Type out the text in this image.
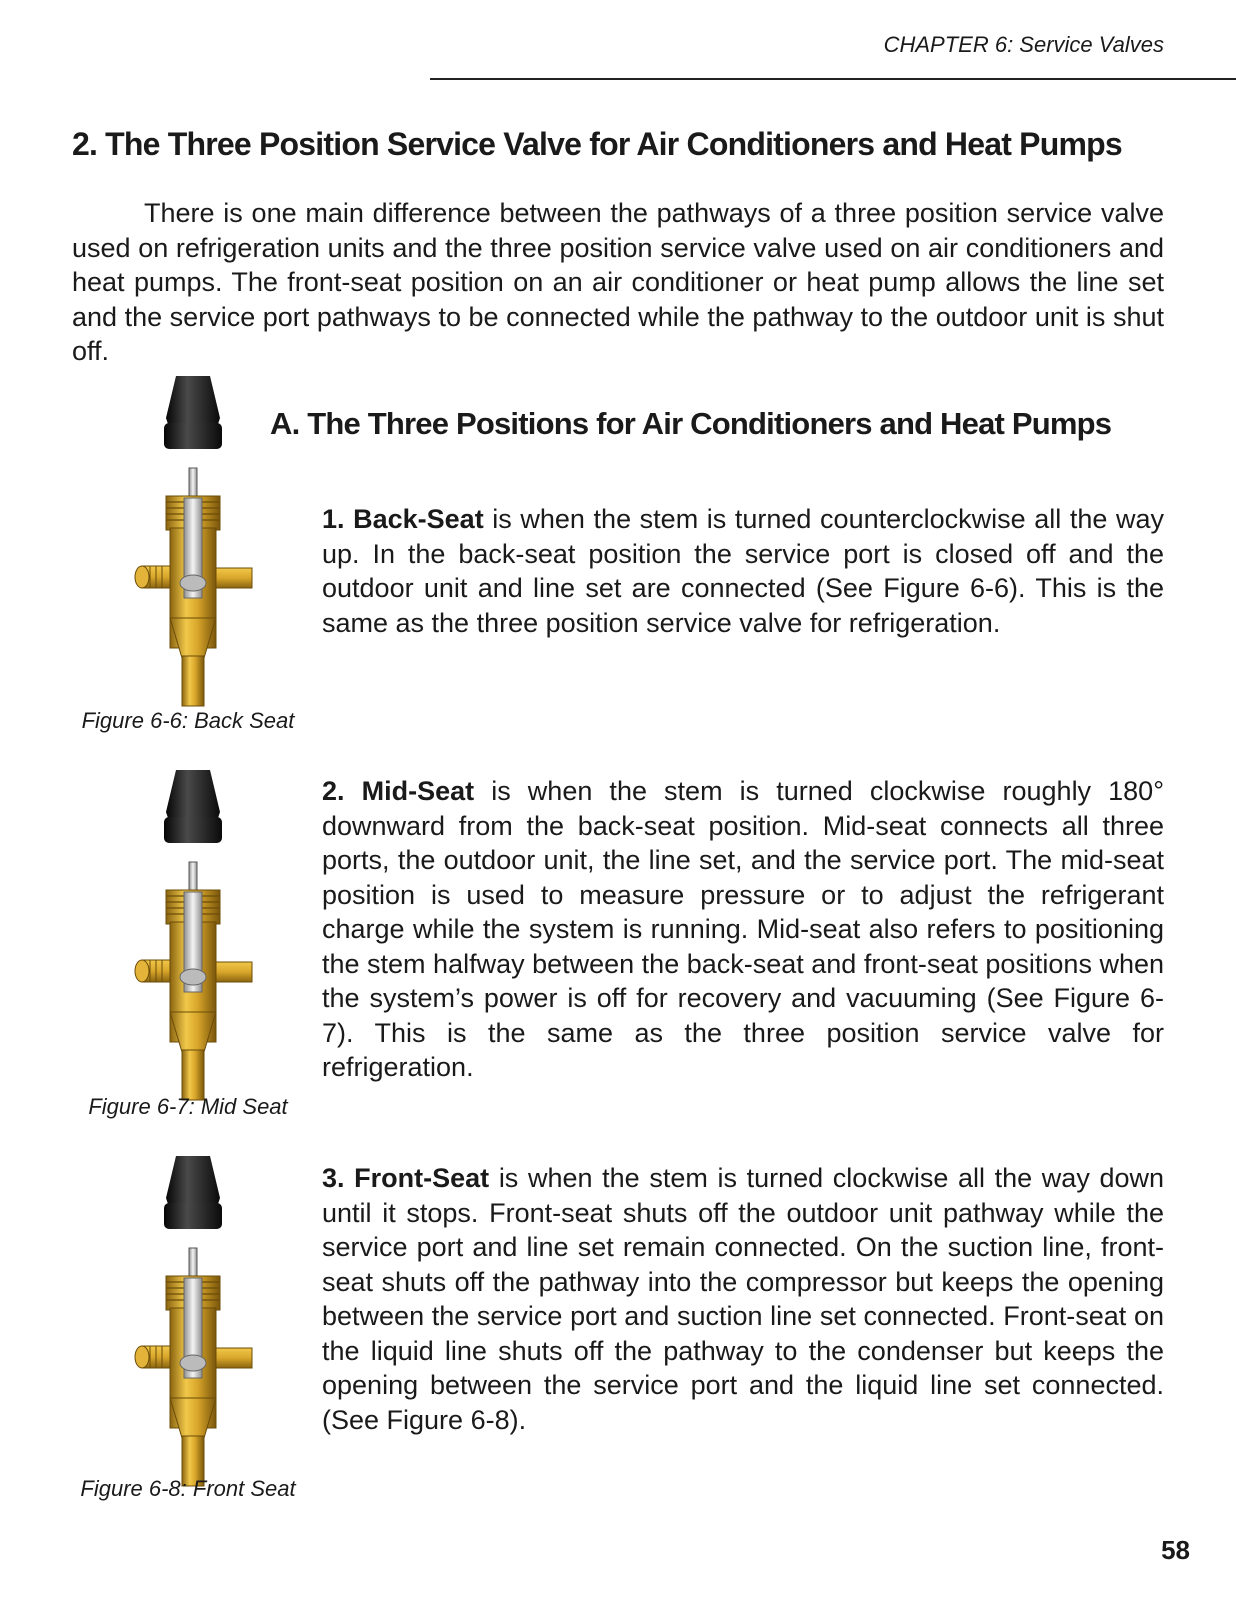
CHAPTER 6: Service Valves
2. The Three Position Service Valve for Air Conditioners and Heat Pumps

There is one main difference between the pathways of a three position service valve used on refrigeration units and the three position service valve used on air conditioners and heat pumps. The front-seat position on an air conditioner or heat pump allows the line set and the service port pathways to be connected while the pathway to the outdoor unit is shut off.

A. The Three Positions for Air Conditioners and Heat Pumps

1. Back-Seat is when the stem is turned counterclockwise all the way up. In the back-seat position the service port is closed off and the outdoor unit and line set are connected (See Figure 6-6). This is the same as the three position service valve for refrigeration.

Figure 6-6: Back Seat

2. Mid-Seat is when the stem is turned clockwise roughly 180° downward from the back-seat position. Mid-seat connects all three ports, the outdoor unit, the line set, and the service port. The mid-seat position is used to measure pressure or to adjust the refrigerant charge while the system is running. Mid-seat also refers to positioning the stem halfway between the back-seat and front-seat positions when the system’s power is off for recovery and vacuuming (See Figure 6-7). This is the same as the three position service valve for refrigeration.

Figure 6-7: Mid Seat

3. Front-Seat is when the stem is turned clockwise all the way down until it stops. Front-seat shuts off the outdoor unit pathway while the service port and line set remain connected. On the suction line, front-seat shuts off the pathway into the compressor but keeps the opening between the service port and suction line set connected. Front-seat on the liquid line shuts off the pathway to the condenser but keeps the opening between the service port and the liquid line set connected. (See Figure 6-8).

Figure 6-8: Front Seat
58
